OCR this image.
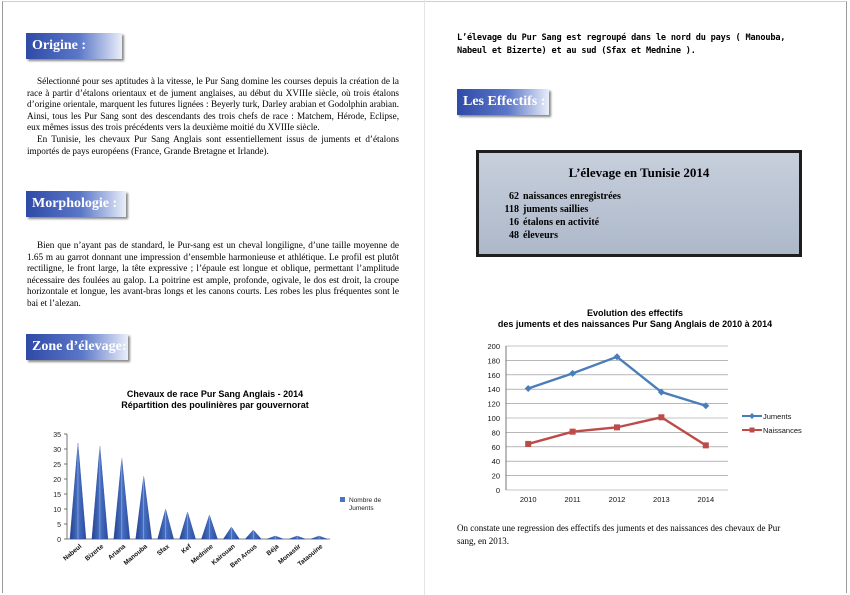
Origine :

Sélectionné pour ses aptitudes à la vitesse, le Pur Sang domine les courses depuis la création de la race à partir d’étalons orientaux et de jument anglaises, au début du XVIIIe siècle, où trois étalons d’origine orientale, marquent les futures lignées : Beyerly turk, Darley arabian et Godolphin arabian. Ainsi, tous les Pur Sang sont des descendants des trois chefs de race : Matchem, Hérode, Eclipse, eux mêmes issus des trois précédents vers la deuxième moitié du XVIIIe siècle.

En Tunisie, les chevaux Pur Sang Anglais sont essentiellement issus de juments et d’étalons importés de pays européens (France, Grande Bretagne et Irlande).

Morphologie :

Bien que n’ayant pas de standard, le Pur-sang est un cheval longiligne, d’une taille moyenne de 1.65 m au garrot donnant une impression d’ensemble harmonieuse et athlétique. Le profil est plutôt rectiligne, le front large, la tête expressive ; l’épaule est longue et oblique, permettant l’amplitude nécessaire des foulées au galop. La poitrine est ample, profonde, ogivale, le dos est droit, la croupe horizontale et longue, les avant-bras longs et les canons courts. Les robes les plus fréquentes sont le bai et l’alezan.

Zone d’élevage:
Chevaux de race Pur Sang Anglais - 2014
Répartition des poulinières par gouvernorat
0
5
10
15
20
25
30
35
Nabeul Bizerte Ariana
Manouba Sfax Kef
Mednine
Kairouan
Ben Arous Béja
Monastir
Tataouine
Nombre de
Juments
L’élevage du Pur Sang est regroupé dans le nord du pays ( Manouba, Nabeul et Bizerte) et au sud (Sfax et Mednine ).
Les Effectifs :
L’élevage en Tunisie 2014
62 naissances enregistrées
118 juments saillies
16 étalons en activité
48 éleveurs
Evolution des effectifs
des juments et des naissances Pur Sang Anglais de 2010 à 2014
0
20
40
60
80
100
120
140
160
180
200
2010	2011	2012	2013	2014
Juments
Naissances
On constate une regression des effectifs des juments et des naissances des chevaux de Pur sang, en 2013.
